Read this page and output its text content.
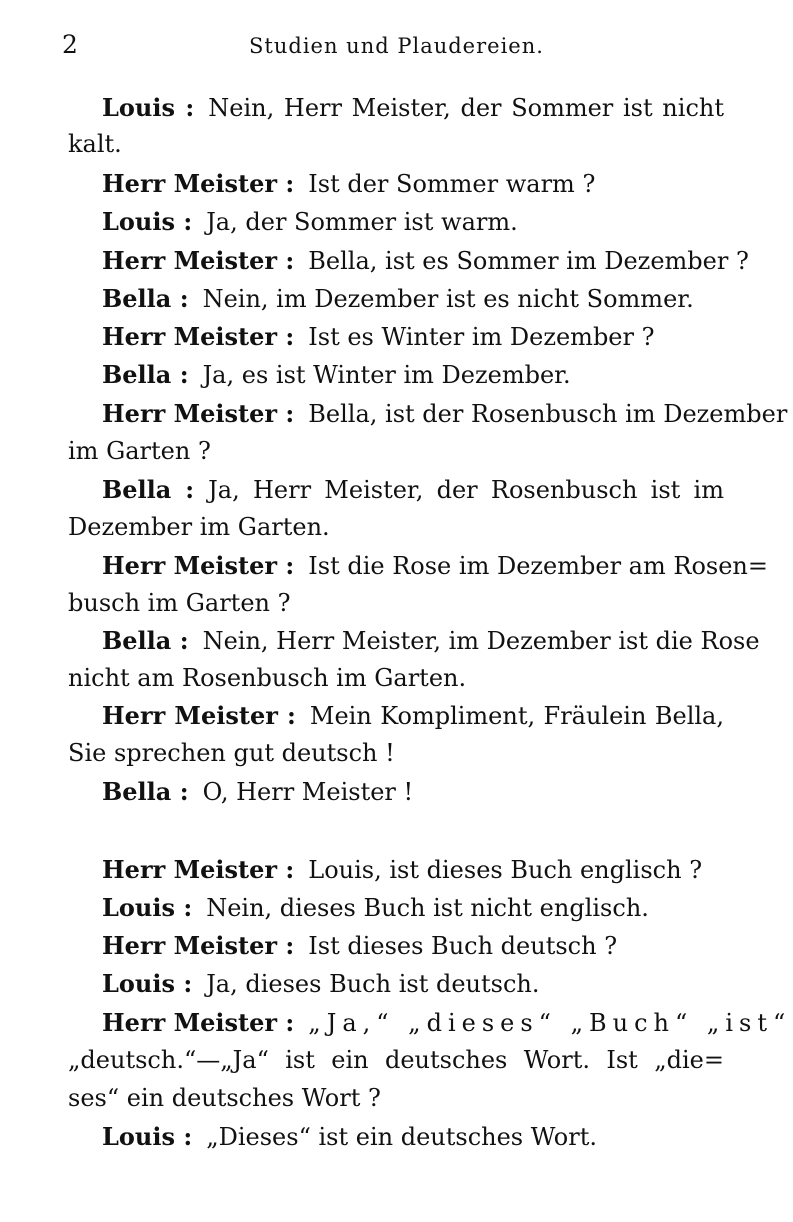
2	Studien und Plaudereien.
Louis : Nein, Herr Meister, der Sommer ist nicht
kalt.
Herr Meister : Ist der Sommer warm ?
Louis : Ja, der Sommer ist warm.
Herr Meister : Bella, ist es Sommer im Dezember ?
Bella : Nein, im Dezember ist es nicht Sommer.
Herr Meister : Ist es Winter im Dezember ?
Bella : Ja, es ist Winter im Dezember.
Herr Meister : Bella, ist der Rosenbusch im Dezember
im Garten ?
Bella : Ja, Herr Meister, der Rosenbusch ist im
Dezember im Garten.
Herr Meister : Ist die Rose im Dezember am Rosen=
busch im Garten ?
Bella : Nein, Herr Meister, im Dezember ist die Rose
nicht am Rosenbusch im Garten.
Herr Meister : Mein Kompliment, Fräulein Bella,
Sie sprechen gut deutsch !
Bella : O, Herr Meister !
Herr Meister : Louis, ist dieses Buch englisch ?
Louis : Nein, dieses Buch ist nicht englisch.
Herr Meister : Ist dieses Buch deutsch ?
Louis : Ja, dieses Buch ist deutsch.
Herr Meister : „Ja,“ „dieses“ „Buch“ „ist“
„deutsch.“—„Ja“ ist ein deutsches Wort. Ist „die=
ses“ ein deutsches Wort ?
Louis : „Dieses“ ist ein deutsches Wort.
